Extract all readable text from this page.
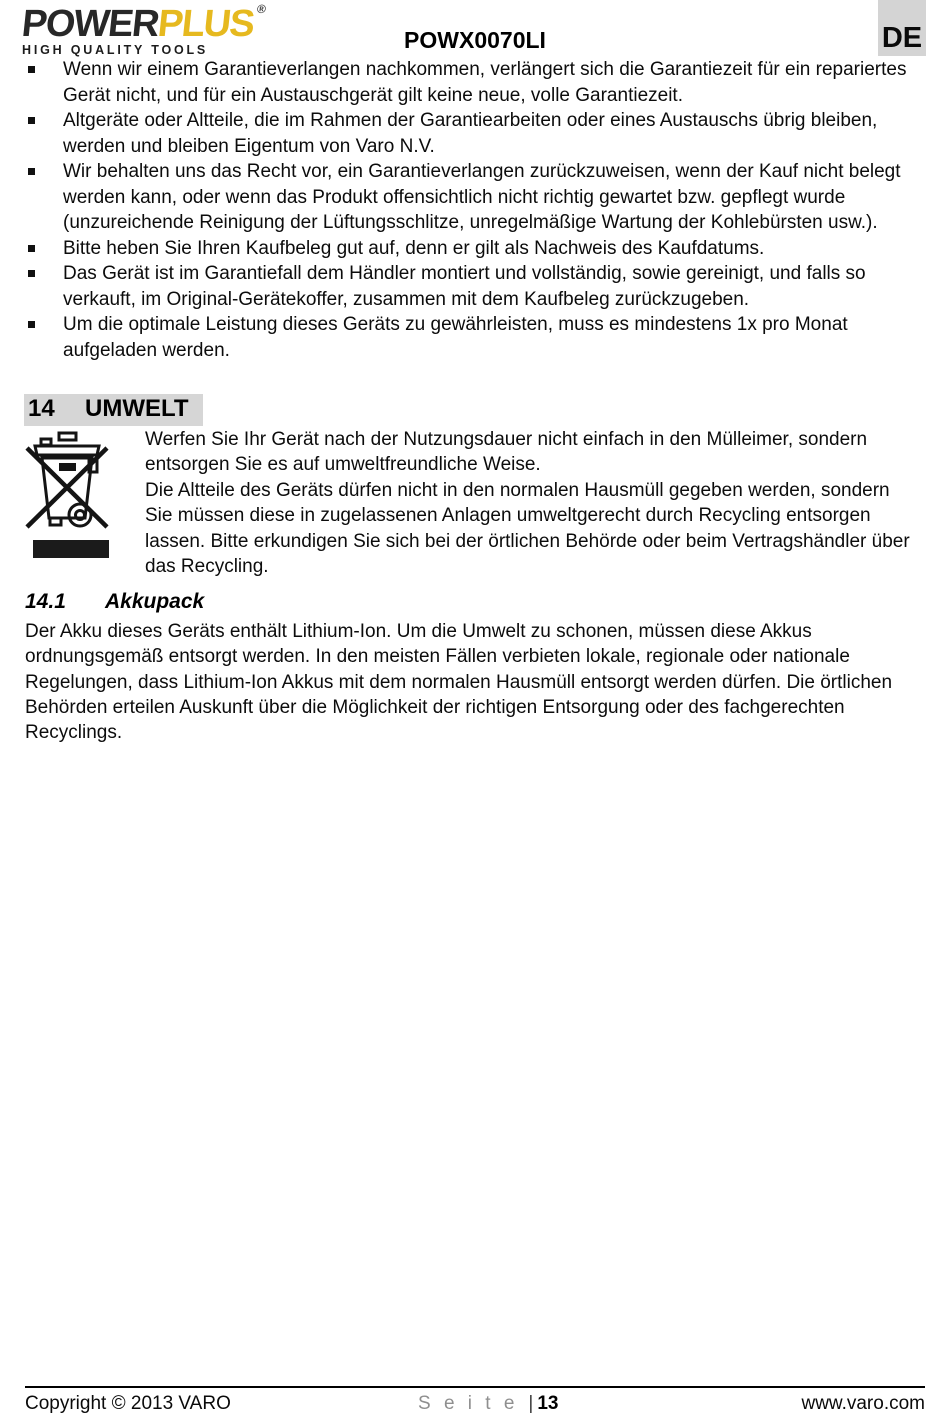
POWERPLUS®
HIGH QUALITY TOOLS	POWX0070LI	DE
Wenn wir einem Garantieverlangen nachkommen, verlängert sich die Garantiezeit für ein repariertes Gerät nicht, und für ein Austauschgerät gilt keine neue, volle Garantiezeit.
Altgeräte oder Altteile, die im Rahmen der Garantiearbeiten oder eines Austauschs übrig bleiben, werden und bleiben Eigentum von Varo N.V.
Wir behalten uns das Recht vor, ein Garantieverlangen zurückzuweisen, wenn der Kauf nicht belegt werden kann, oder wenn das Produkt offensichtlich nicht richtig gewartet bzw. gepflegt wurde (unzureichende Reinigung der Lüftungsschlitze, unregelmäßige Wartung der Kohlebürsten usw.).
Bitte heben Sie Ihren Kaufbeleg gut auf, denn er gilt als Nachweis des Kaufdatums.
Das Gerät ist im Garantiefall dem Händler montiert und vollständig, sowie gereinigt, und falls so verkauft, im Original-Gerätekoffer, zusammen mit dem Kaufbeleg zurückzugeben.
Um die optimale Leistung dieses Geräts zu gewährleisten, muss es mindestens 1x pro Monat aufgeladen werden.
14	UMWELT
Werfen Sie Ihr Gerät nach der Nutzungsdauer nicht einfach in den Mülleimer, sondern entsorgen Sie es auf umweltfreundliche Weise.
Die Altteile des Geräts dürfen nicht in den normalen Hausmüll gegeben werden, sondern Sie müssen diese in zugelassenen Anlagen umweltgerecht durch Recycling entsorgen lassen. Bitte erkundigen Sie sich bei der örtlichen Behörde oder beim Vertragshändler über das Recycling.
14.1	Akkupack
Der Akku dieses Geräts enthält Lithium-Ion. Um die Umwelt zu schonen, müssen diese Akkus ordnungsgemäß entsorgt werden. In den meisten Fällen verbieten lokale, regionale oder nationale Regelungen, dass Lithium-Ion Akkus mit dem normalen Hausmüll entsorgt werden dürfen. Die örtlichen Behörden erteilen Auskunft über die Möglichkeit der richtigen Entsorgung oder des fachgerechten Recyclings.
Copyright © 2013 VARO	S e i t e | 13	www.varo.com
